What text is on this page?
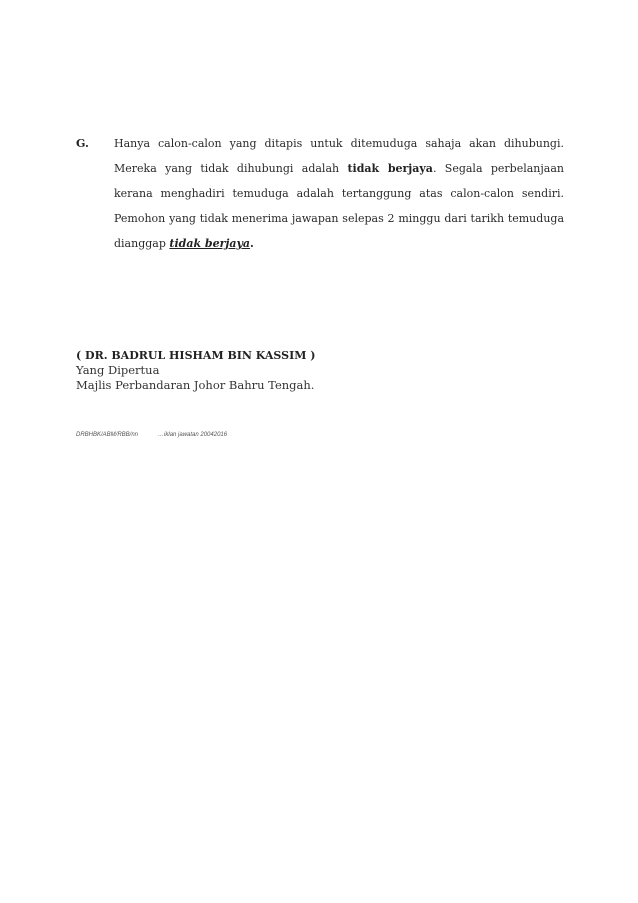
G. Hanya calon-calon yang ditapis untuk ditemuduga sahaja akan dihubungi. Mereka yang tidak dihubungi adalah tidak berjaya. Segala perbelanjaan kerana menghadiri temuduga adalah tertanggung atas calon-calon sendiri. Pemohon yang tidak menerima jawapan selepas 2 minggu dari tarikh temuduga dianggap tidak berjaya.
( DR. BADRUL HISHAM BIN KASSIM )
Yang Dipertua
Majlis Perbandaran Johor Bahru Tengah.
DRBHBK/ABM/RBB/nn	…iklan jawatan 20042016
